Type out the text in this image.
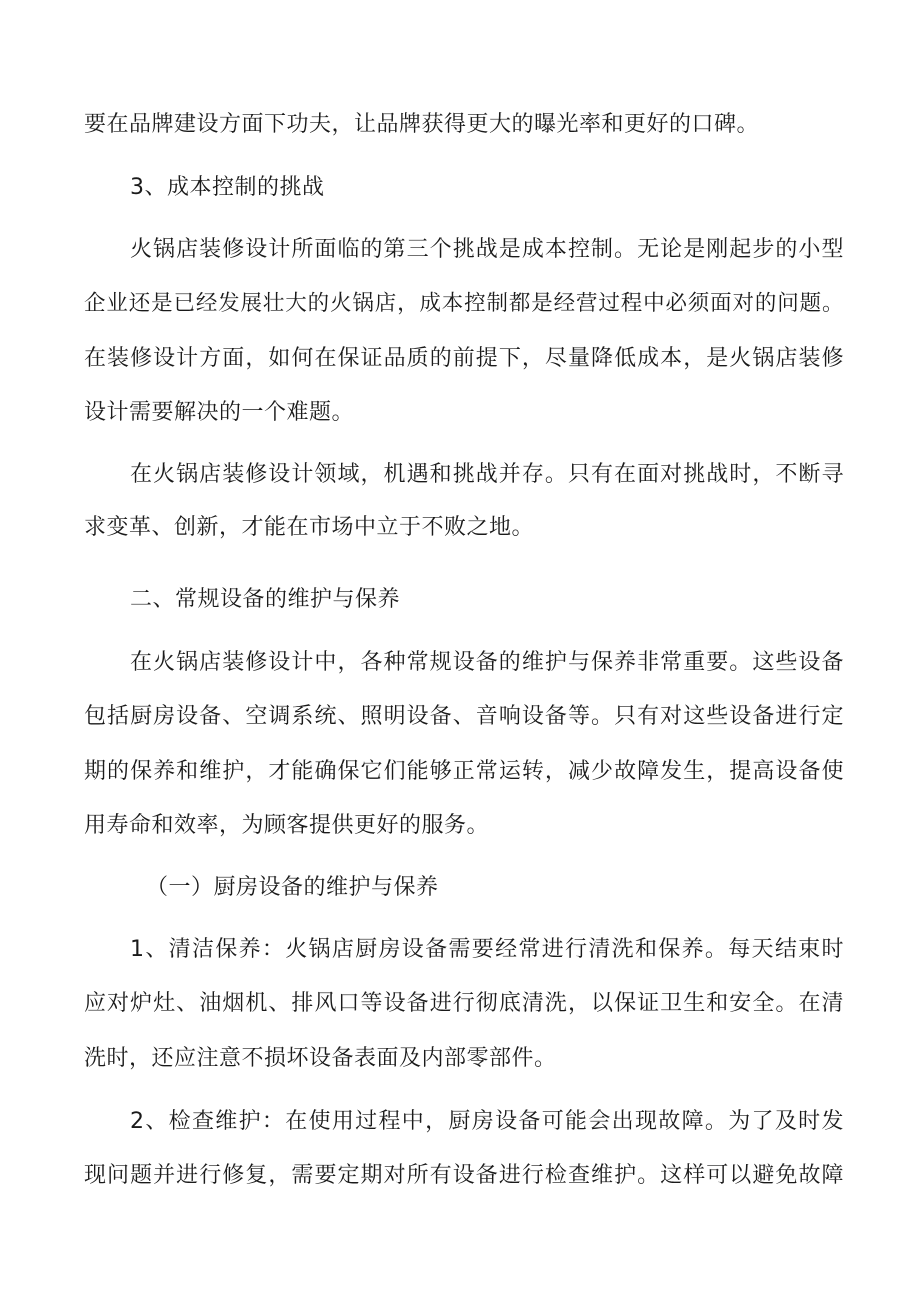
要在品牌建设方面下功夫，让品牌获得更大的曝光率和更好的口碑。
3、成本控制的挑战
火锅店装修设计所面临的第三个挑战是成本控制。无论是刚起步的小型
企业还是已经发展壮大的火锅店，成本控制都是经营过程中必须面对的问题。
在装修设计方面，如何在保证品质的前提下，尽量降低成本，是火锅店装修
设计需要解决的一个难题。
在火锅店装修设计领域，机遇和挑战并存。只有在面对挑战时，不断寻
求变革、创新，才能在市场中立于不败之地。
二、常规设备的维护与保养
在火锅店装修设计中，各种常规设备的维护与保养非常重要。这些设备
包括厨房设备、空调系统、照明设备、音响设备等。只有对这些设备进行定
期的保养和维护，才能确保它们能够正常运转，减少故障发生，提高设备使
用寿命和效率，为顾客提供更好的服务。
（一）厨房设备的维护与保养
1、清洁保养：火锅店厨房设备需要经常进行清洗和保养。每天结束时
应对炉灶、油烟机、排风口等设备进行彻底清洗，以保证卫生和安全。在清
洗时，还应注意不损坏设备表面及内部零部件。
2、检查维护：在使用过程中，厨房设备可能会出现故障。为了及时发
现问题并进行修复，需要定期对所有设备进行检查维护。这样可以避免故障
